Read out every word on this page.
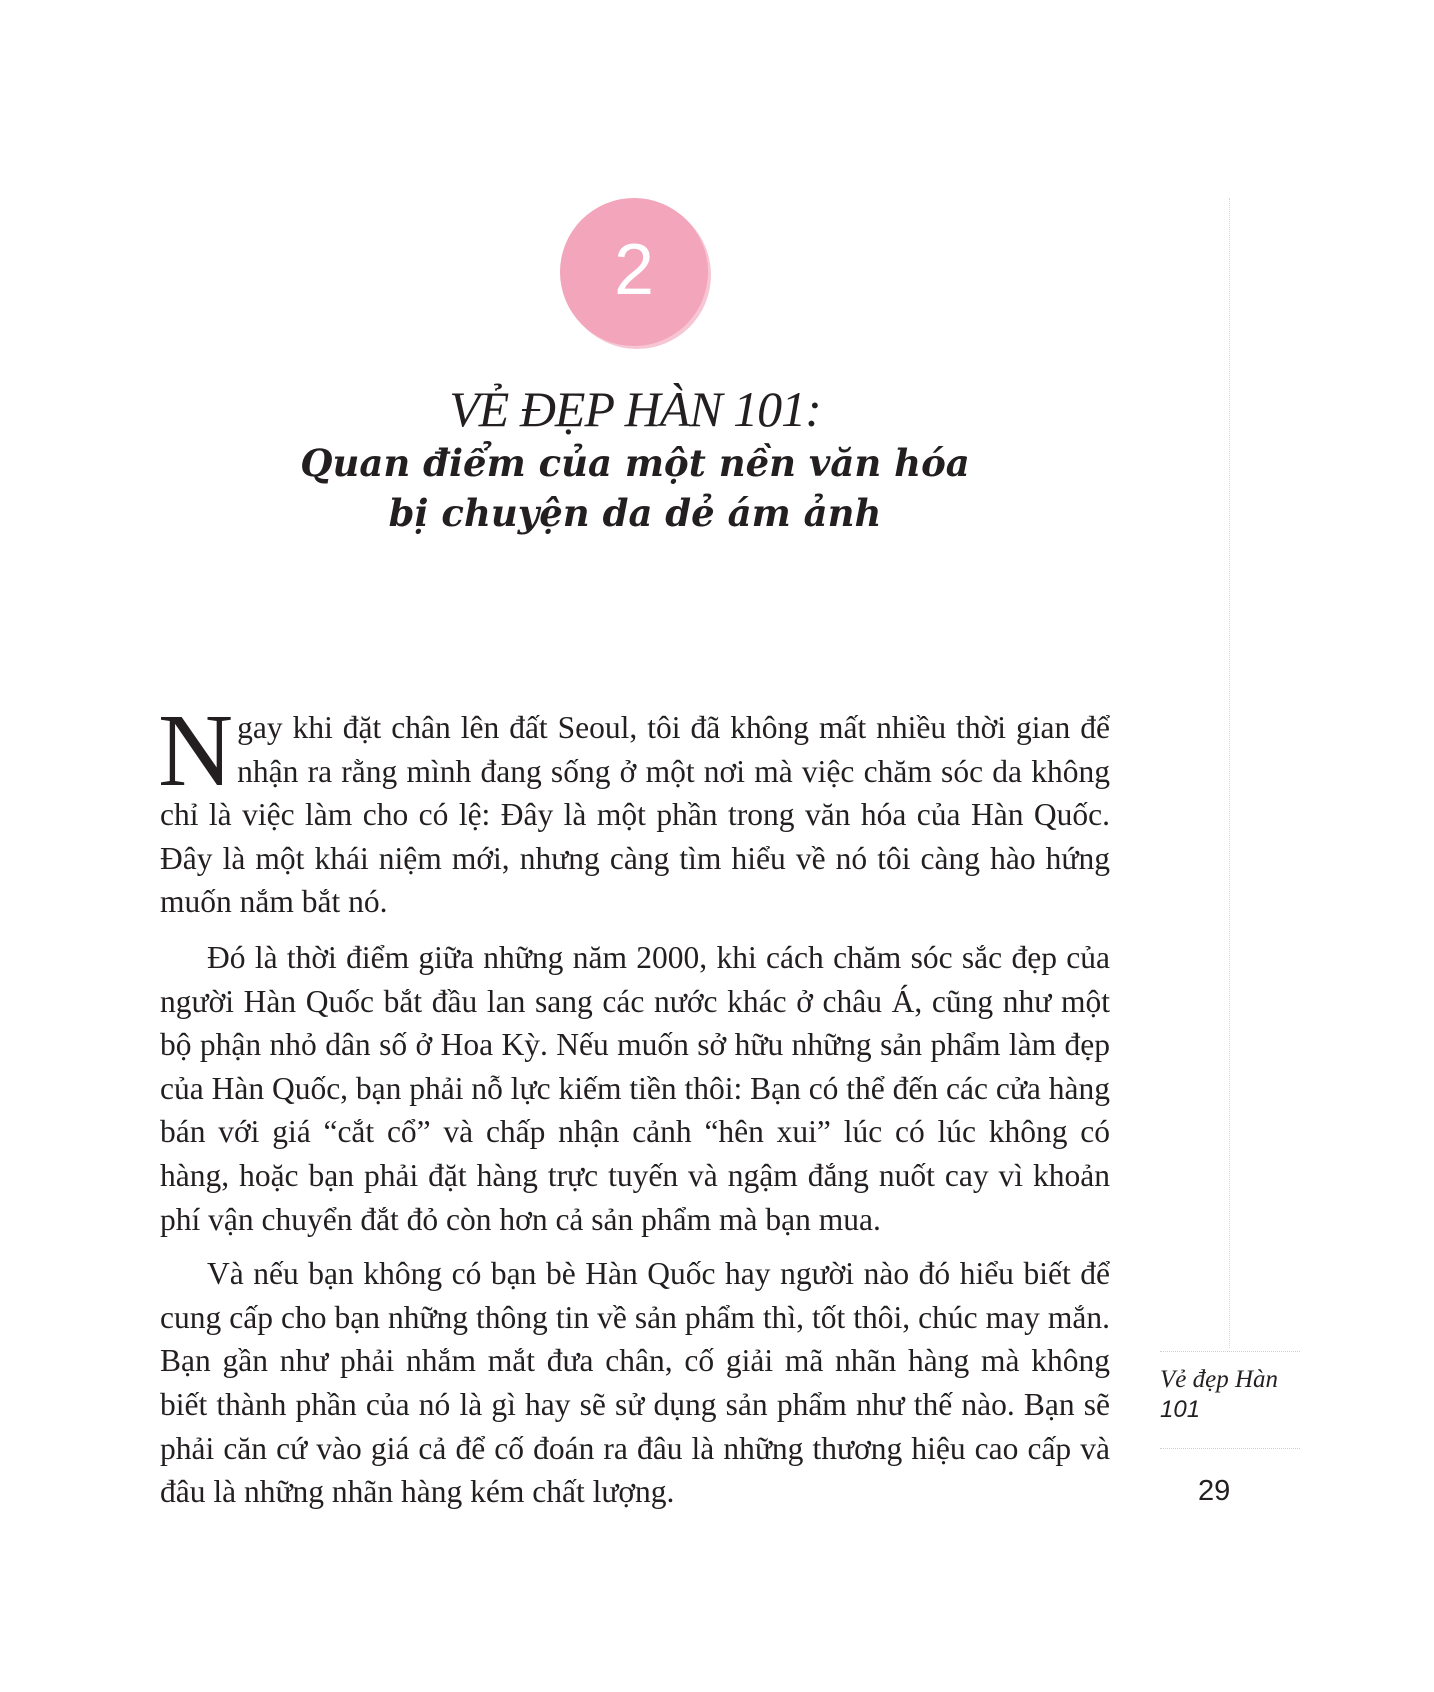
2
VẺ ĐẸP HÀN 101:
Quan điểm của một nền văn hóa
bị chuyện da dẻ ám ảnh

Ngay khi đặt chân lên đất Seoul, tôi đã không mất nhiều thời gian để nhận ra rằng mình đang sống ở một nơi mà việc chăm sóc da không chỉ là việc làm cho có lệ: Đây là một phần trong văn hóa của Hàn Quốc. Đây là một khái niệm mới, nhưng càng tìm hiểu về nó tôi càng hào hứng muốn nắm bắt nó.

Đó là thời điểm giữa những năm 2000, khi cách chăm sóc sắc đẹp của người Hàn Quốc bắt đầu lan sang các nước khác ở châu Á, cũng như một bộ phận nhỏ dân số ở Hoa Kỳ. Nếu muốn sở hữu những sản phẩm làm đẹp của Hàn Quốc, bạn phải nỗ lực kiếm tiền thôi: Bạn có thể đến các cửa hàng bán với giá “cắt cổ” và chấp nhận cảnh “hên xui” lúc có lúc không có hàng, hoặc bạn phải đặt hàng trực tuyến và ngậm đắng nuốt cay vì khoản phí vận chuyển đắt đỏ còn hơn cả sản phẩm mà bạn mua.

Và nếu bạn không có bạn bè Hàn Quốc hay người nào đó hiểu biết để cung cấp cho bạn những thông tin về sản phẩm thì, tốt thôi, chúc may mắn. Bạn gần như phải nhắm mắt đưa chân, cố giải mã nhãn hàng mà không biết thành phần của nó là gì hay sẽ sử dụng sản phẩm như thế nào. Bạn sẽ phải căn cứ vào giá cả để cố đoán ra đâu là những thương hiệu cao cấp và đâu là những nhãn hàng kém chất lượng.

Vẻ đẹp Hàn
101
29
